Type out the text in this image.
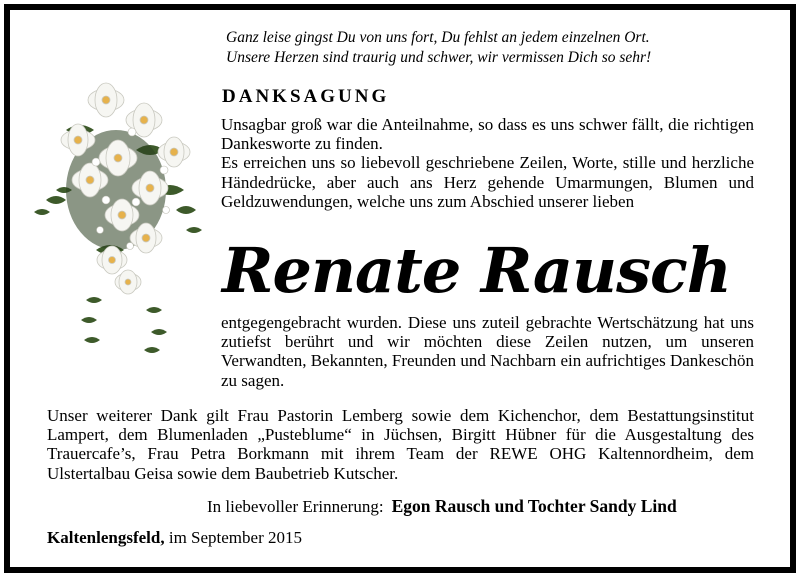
Ganz leise gingst Du von uns fort, Du fehlst an jedem einzelnen Ort.
Unsere Herzen sind traurig und schwer, wir vermissen Dich so sehr!
DANKSAGUNG
Unsagbar groß war die Anteilnahme, so dass es uns schwer fällt, die richtigen Dankesworte zu finden.
Es erreichen uns so liebevoll geschriebene Zeilen, Worte, stille und herzliche Händedrücke, aber auch ans Herz gehende Umarmungen, Blumen und Geldzuwendungen, welche uns zum Abschied unserer lieben
Renate Rausch
entgegengebracht wurden. Diese uns zuteil gebrachte Wertschätzung hat uns zutiefst berührt und wir möchten diese Zeilen nutzen, um unseren Verwandten, Bekannten, Freunden und Nachbarn ein aufrichtiges Dankeschön zu sagen.
Unser weiterer Dank gilt Frau Pastorin Lemberg sowie dem Kichenchor, dem Bestattungsinstitut Lampert, dem Blumenladen „Pusteblume“ in Jüchsen, Birgitt Hübner für die Ausgestaltung des Trauercafe’s, Frau Petra Borkmann mit ihrem Team der REWE OHG Kaltennordheim, dem Ulstertalbau Geisa sowie dem Baubetrieb Kutscher.
In liebevoller Erinnerung: Egon Rausch und Tochter Sandy Lind
Kaltenlengsfeld, im September 2015
